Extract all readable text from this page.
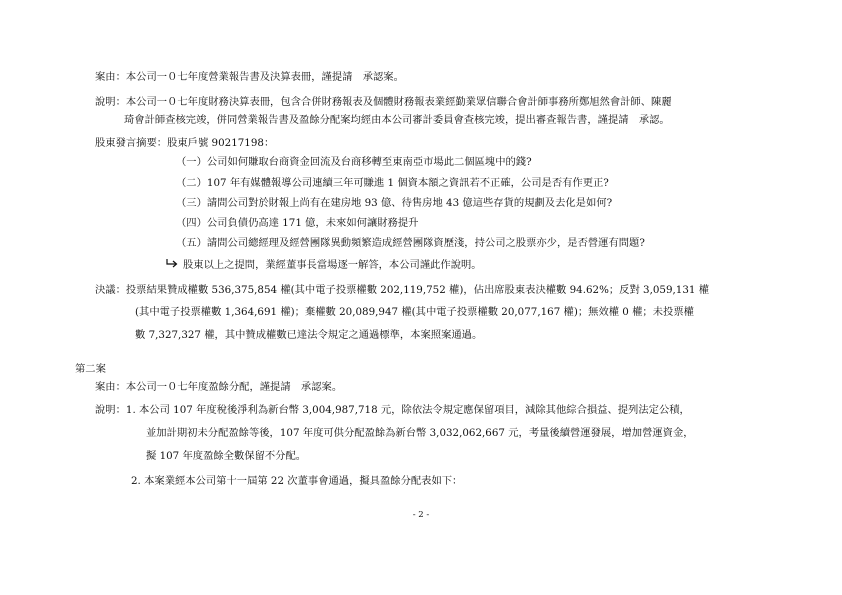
案由：本公司一０七年度營業報告書及決算表冊，謹提請　承認案。
說明：本公司一０七年度財務決算表冊，包含合併財務報表及個體財務報表業經勤業眾信聯合會計師事務所鄭旭然會計師、陳麗
琦會計師查核完竣，併同營業報告書及盈餘分配案均經由本公司審計委員會查核完竣，提出審查報告書，謹提請　承認。
股東發言摘要：股東戶號 90217198：
（一）公司如何賺取台商資金回流及台商移轉至東南亞市場此二個區塊中的錢?
（二）107 年有媒體報導公司連續三年可賺進 1 個資本額之資訊若不正確，公司是否有作更正?
（三）請問公司對於財報上尚有在建房地 93 億、待售房地 43 億這些存貨的規劃及去化是如何?
（四）公司負債仍高達 171 億，未來如何讓財務提升
（五）請問公司總經理及經營團隊異動頻繁造成經營團隊資歷淺，持公司之股票亦少，是否營運有問題?
股東以上之提問，業經董事長當場逐一解答，本公司謹此作說明。
決議：投票結果贊成權數 536,375,854 權(其中電子投票權數 202,119,752 權)，佔出席股東表決權數 94.62%；反對 3,059,131 權
(其中電子投票權數 1,364,691 權)；棄權數 20,089,947 權(其中電子投票權數 20,077,167 權)；無效權 0 權；未投票權
數 7,327,327 權，其中贊成權數已達法令規定之通過標準，本案照案通過。
第二案
案由：本公司一０七年度盈餘分配，謹提請　承認案。
說明：1. 本公司 107 年度稅後淨利為新台幣 3,004,987,718 元，除依法令規定應保留項目，減除其他綜合損益、提列法定公積，
並加計期初未分配盈餘等後，107 年度可供分配盈餘為新台幣 3,032,062,667 元，考量後續營運發展，增加營運資金，
擬 107 年度盈餘全數保留不分配。
2. 本案業經本公司第十一屆第 22 次董事會通過，擬具盈餘分配表如下：
- 2 -
